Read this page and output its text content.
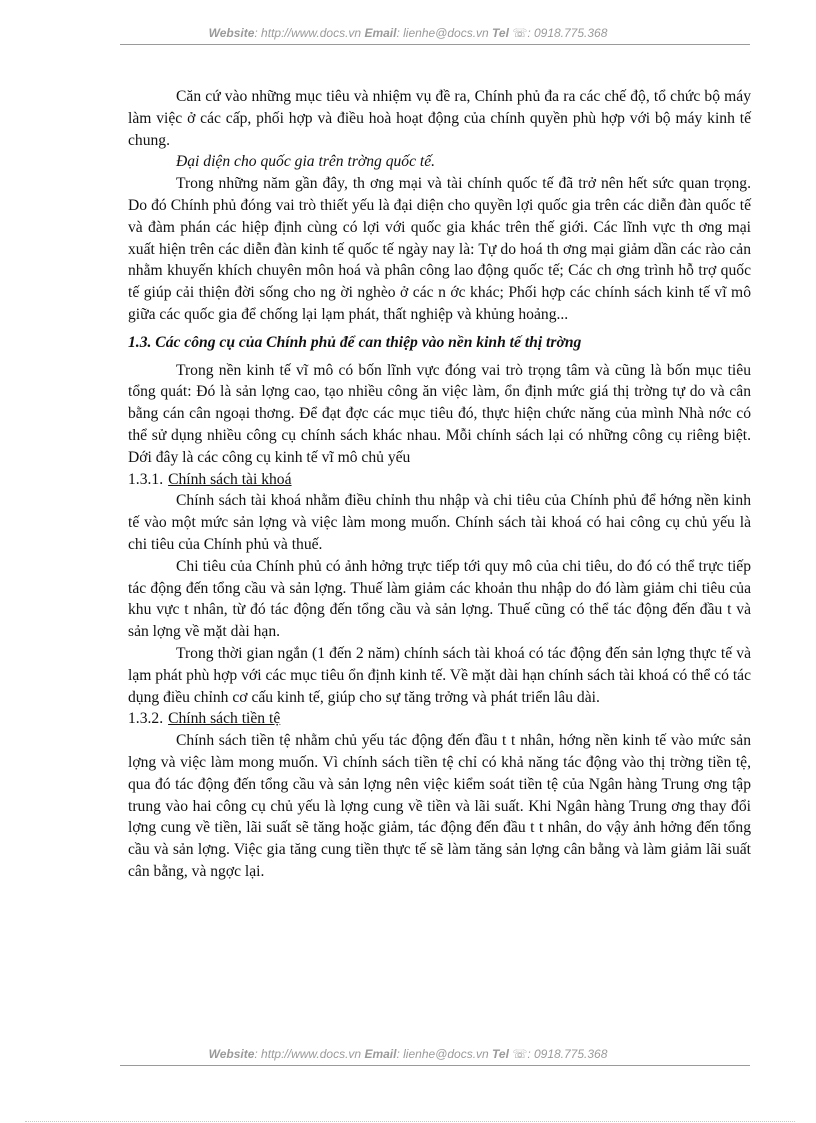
Website: http://www.docs.vn Email: lienhe@docs.vn Tel ☏: 0918.775.368

Căn cứ vào những mục tiêu và nhiệm vụ đề ra, Chính phủ đa ra các chế độ, tổ chức bộ máy làm việc ở các cấp, phối hợp và điều hoà hoạt động của chính quyền phù hợp với bộ máy kinh tế chung.

Đại diện cho quốc gia trên trờng quốc tế.

Trong những năm gần đây, th ơng mại và tài chính quốc tế đã trở nên hết sức quan trọng. Do đó Chính phủ đóng vai trò thiết yếu là đại diện cho quyền lợi quốc gia trên các diễn đàn quốc tế và đàm phán các hiệp định cùng có lợi với quốc gia khác trên thế giới. Các lĩnh vực th ơng mại xuất hiện trên các diễn đàn kinh tế quốc tế ngày nay là: Tự do hoá th ơng mại giảm dần các rào cản nhằm khuyến khích chuyên môn hoá và phân công lao động quốc tế; Các ch ơng trình hỗ trợ quốc tế giúp cải thiện đời sống cho ng ời nghèo ở các n ớc khác; Phối hợp các chính sách kinh tế vĩ mô giữa các quốc gia để chống lại lạm phát, thất nghiệp và khủng hoảng...

1.3. Các công cụ của Chính phủ để can thiệp vào nền kinh tế thị trờng

Trong nền kinh tế vĩ mô có bốn lĩnh vực đóng vai trò trọng tâm và cũng là bốn mục tiêu tổng quát: Đó là sản lợng cao, tạo nhiều công ăn việc làm, ổn định mức giá thị trờng tự do và cân bằng cán cân ngoại thơng. Để đạt đợc các mục tiêu đó, thực hiện chức năng của mình Nhà nớc có thể sử dụng nhiều công cụ chính sách khác nhau. Mỗi chính sách lại có những công cụ riêng biệt. Dới đây là các công cụ kinh tế vĩ mô chủ yếu

1.3.1. Chính sách tài khoá

Chính sách tài khoá nhằm điều chỉnh thu nhập và chi tiêu của Chính phủ để hớng nền kinh tế vào một mức sản lợng và việc làm mong muốn. Chính sách tài khoá có hai công cụ chủ yếu là chi tiêu của Chính phủ và thuế.

Chi tiêu của Chính phủ có ảnh hởng trực tiếp tới quy mô của chi tiêu, do đó có thể trực tiếp tác động đến tổng cầu và sản lợng. Thuế làm giảm các khoản thu nhập do đó làm giảm chi tiêu của khu vực t nhân, từ đó tác động đến tổng cầu và sản lợng. Thuế cũng có thể tác động đến đầu t và sản lợng về mặt dài hạn.

Trong thời gian ngắn (1 đến 2 năm) chính sách tài khoá có tác động đến sản lợng thực tế và lạm phát phù hợp với các mục tiêu ổn định kinh tế. Về mặt dài hạn chính sách tài khoá có thể có tác dụng điều chỉnh cơ cấu kinh tế, giúp cho sự tăng trởng và phát triển lâu dài.

1.3.2. Chính sách tiền tệ

Chính sách tiền tệ nhằm chủ yếu tác động đến đầu t t nhân, hớng nền kinh tế vào mức sản lợng và việc làm mong muốn. Vì chính sách tiền tệ chỉ có khả năng tác động vào thị trờng tiền tệ, qua đó tác động đến tổng cầu và sản lợng nên việc kiểm soát tiền tệ của Ngân hàng Trung ơng tập trung vào hai công cụ chủ yếu là lợng cung về tiền và lãi suất. Khi Ngân hàng Trung ơng thay đổi lợng cung về tiền, lãi suất sẽ tăng hoặc giảm, tác động đến đầu t t nhân, do vậy ảnh hởng đến tổng cầu và sản lợng. Việc gia tăng cung tiền thực tế sẽ làm tăng sản lợng cân bằng và làm giảm lãi suất cân bằng, và ngợc lại.

Website: http://www.docs.vn Email: lienhe@docs.vn Tel ☏: 0918.775.368
